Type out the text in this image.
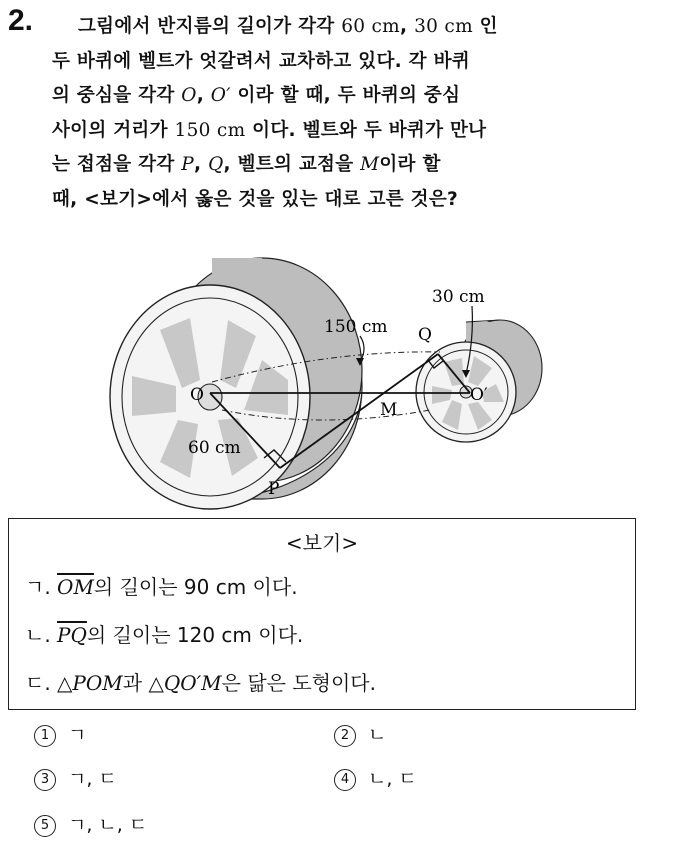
2.	그림에서 반지름의 길이가 각각 60 cm, 30 cm 인
두 바퀴에 벨트가 엇갈려서 교차하고 있다. 각 바퀴
의 중심을 각각 O, O′ 이라 할 때, 두 바퀴의 중심
사이의 거리가 150 cm 이다. 벨트와 두 바퀴가 만나
는 접점을 각각 P, Q, 벨트의 교점을 M이라 할
때, <보기>에서 옳은 것을 있는 대로 고른 것은?
150 cm
30 cm
60 cm
O	O′
M
P
Q
<보기>
ㄱ. $\overline{OM}$의 길이는 90 cm 이다.
ㄴ. $\overline{PQ}$의 길이는 120 cm 이다.
ㄷ. △POM과 △QO′M은 닮은 도형이다.
1 ㄱ	2 ㄴ
3 ㄱ, ㄷ	4 ㄴ, ㄷ
5 ㄱ, ㄴ, ㄷ
